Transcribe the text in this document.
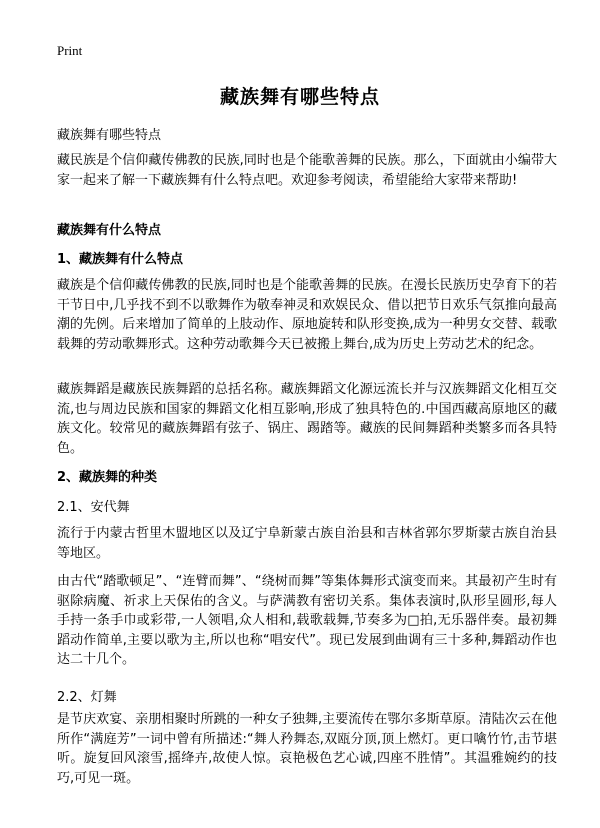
Print
藏族舞有哪些特点
藏族舞有哪些特点
藏民族是个信仰藏传佛教的民族,同时也是个能歌善舞的民族。那么，下面就由小编带大家一起来了解一下藏族舞有什么特点吧。欢迎参考阅读，希望能给大家带来帮助!
藏族舞有什么特点
1、藏族舞有什么特点
藏族是个信仰藏传佛教的民族,同时也是个能歌善舞的民族。在漫长民族历史孕育下的若干节日中,几乎找不到不以歌舞作为敬奉神灵和欢娱民众、借以把节日欢乐气氛推向最高潮的先例。后来增加了简单的上肢动作、原地旋转和队形变换,成为一种男女交替、载歌载舞的劳动歌舞形式。这种劳动歌舞今天已被搬上舞台,成为历史上劳动艺术的纪念。
藏族舞蹈是藏族民族舞蹈的总括名称。藏族舞蹈文化源远流长并与汉族舞蹈文化相互交流,也与周边民族和国家的舞蹈文化相互影响,形成了独具特色的.中国西藏高原地区的藏族文化。较常见的藏族舞蹈有弦子、锅庄、踢踏等。藏族的民间舞蹈种类繁多而各具特色。
2、藏族舞的种类
2.1、安代舞
流行于内蒙古哲里木盟地区以及辽宁阜新蒙古族自治县和吉林省郭尔罗斯蒙古族自治县等地区。
由古代“踏歌顿足”、“连臂而舞”、“绕树而舞”等集体舞形式演变而来。其最初产生时有驱除病魔、祈求上天保佑的含义。与萨满教有密切关系。集体表演时,队形呈圆形,每人手持一条手巾或彩带,一人领唱,众人相和,载歌载舞,节奏多为□拍,无乐器伴奏。最初舞蹈动作简单,主要以歌为主,所以也称“唱安代”。现已发展到曲调有三十多种,舞蹈动作也达二十几个。
2.2、灯舞
是节庆欢宴、亲朋相聚时所跳的一种女子独舞,主要流传在鄂尔多斯草原。清陆次云在他所作“满庭芳”一词中曾有所描述:“舞人矜舞态,双瓯分顶,顶上燃灯。更口噙竹竹,击节堪听。旋复回风滚雪,摇绛卉,故使人惊。哀艳极色艺心诚,四座不胜情”。其温雅婉约的技巧,可见一斑。
